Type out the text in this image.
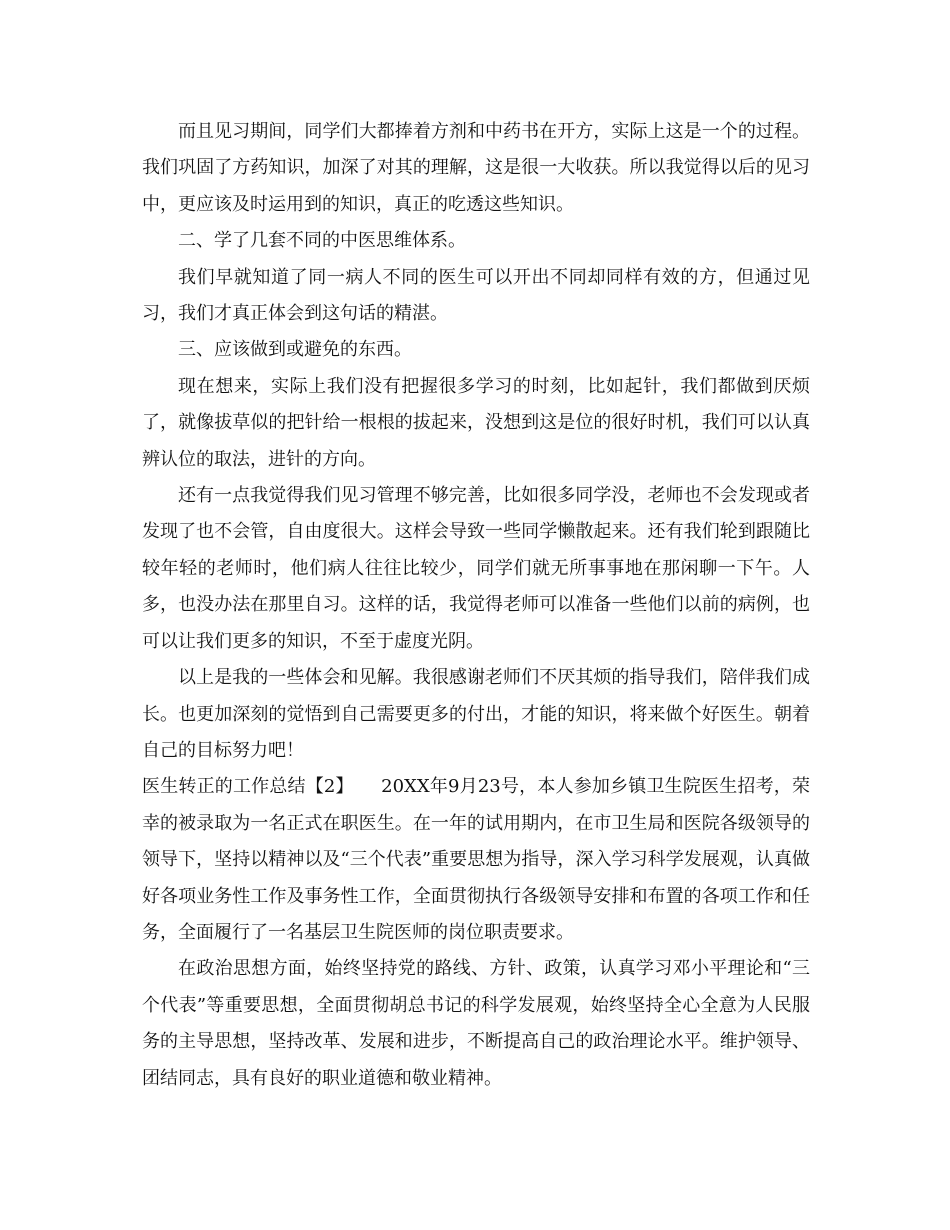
而且见习期间，同学们大都捧着方剂和中药书在开方，实际上这是一个的过程。我们巩固了方药知识，加深了对其的理解，这是很一大收获。所以我觉得以后的见习中，更应该及时运用到的知识，真正的吃透这些知识。

二、学了几套不同的中医思维体系。

我们早就知道了同一病人不同的医生可以开出不同却同样有效的方，但通过见习，我们才真正体会到这句话的精湛。

三、应该做到或避免的东西。

现在想来，实际上我们没有把握很多学习的时刻，比如起针，我们都做到厌烦了，就像拔草似的把针给一根根的拔起来，没想到这是位的很好时机，我们可以认真辨认位的取法，进针的方向。

还有一点我觉得我们见习管理不够完善，比如很多同学没，老师也不会发现或者发现了也不会管，自由度很大。这样会导致一些同学懒散起来。还有我们轮到跟随比较年轻的老师时，他们病人往往比较少，同学们就无所事事地在那闲聊一下午。人多，也没办法在那里自习。这样的话，我觉得老师可以准备一些他们以前的病例，也可以让我们更多的知识，不至于虚度光阴。

以上是我的一些体会和见解。我很感谢老师们不厌其烦的指导我们，陪伴我们成长。也更加深刻的觉悟到自己需要更多的付出，才能的知识，将来做个好医生。朝着自己的目标努力吧！

医生转正的工作总结【2】　　20XX年9月23号，本人参加乡镇卫生院医生招考，荣幸的被录取为一名正式在职医生。在一年的试用期内，在市卫生局和医院各级领导的领导下，坚持以精神以及“三个代表”重要思想为指导，深入学习科学发展观，认真做好各项业务性工作及事务性工作，全面贯彻执行各级领导安排和布置的各项工作和任务，全面履行了一名基层卫生院医师的岗位职责要求。

在政治思想方面，始终坚持党的路线、方针、政策，认真学习邓小平理论和“三个代表”等重要思想，全面贯彻胡总书记的科学发展观，始终坚持全心全意为人民服务的主导思想，坚持改革、发展和进步，不断提高自己的政治理论水平。维护领导、团结同志，具有良好的职业道德和敬业精神。
